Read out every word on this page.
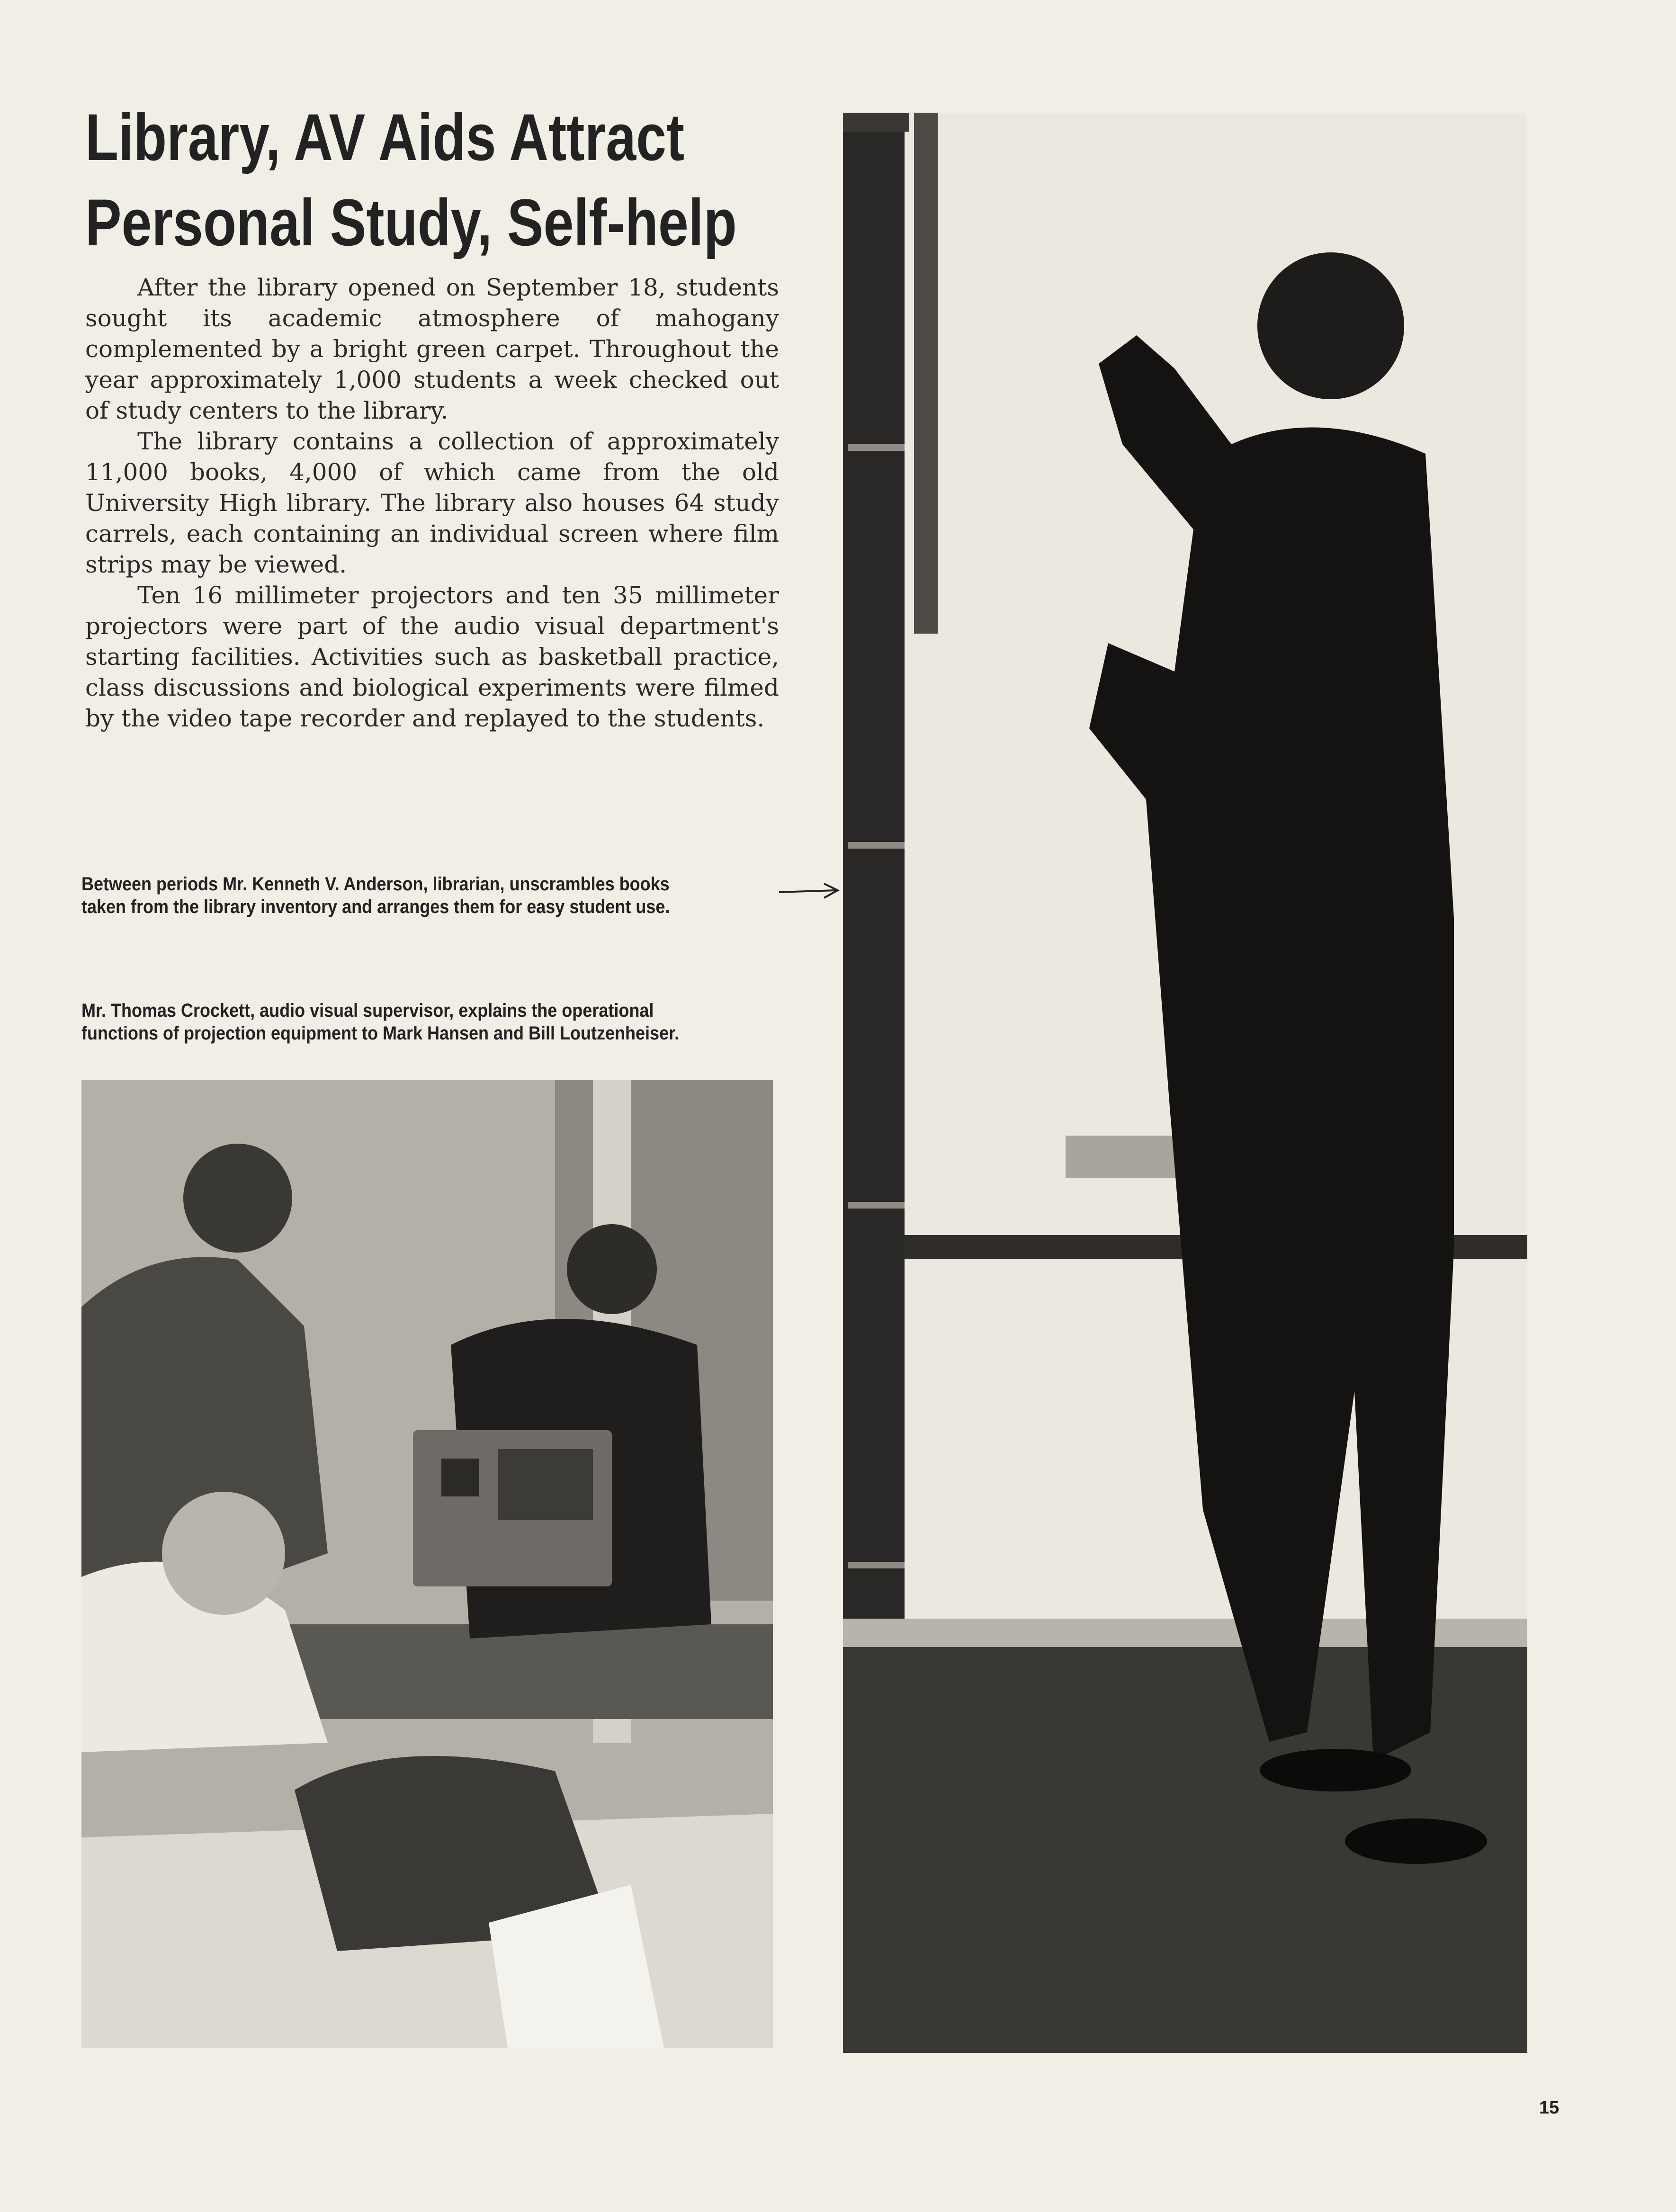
Library, AV Aids Attract
Personal Study, Self-help

After the library opened on September 18, students sought its academic atmosphere of mahogany complemented by a bright green carpet. Throughout the year approximately 1,000 students a week checked out of study centers to the library.

The library contains a collection of approximately 11,000 books, 4,000 of which came from the old University High library. The library also houses 64 study carrels, each containing an individual screen where film strips may be viewed.

Ten 16 millimeter projectors and ten 35 millimeter projectors were part of the audio visual department's starting facilities. Activities such as basketball practice, class discussions and biological experiments were filmed by the video tape recorder and replayed to the students.

Between periods Mr. Kenneth V. Anderson, librarian, unscrambles books taken from the library inventory and arranges them for easy student use.
Mr. Thomas Crockett, audio visual supervisor, explains the operational functions of projection equipment to Mark Hansen and Bill Loutzenheiser.
15
